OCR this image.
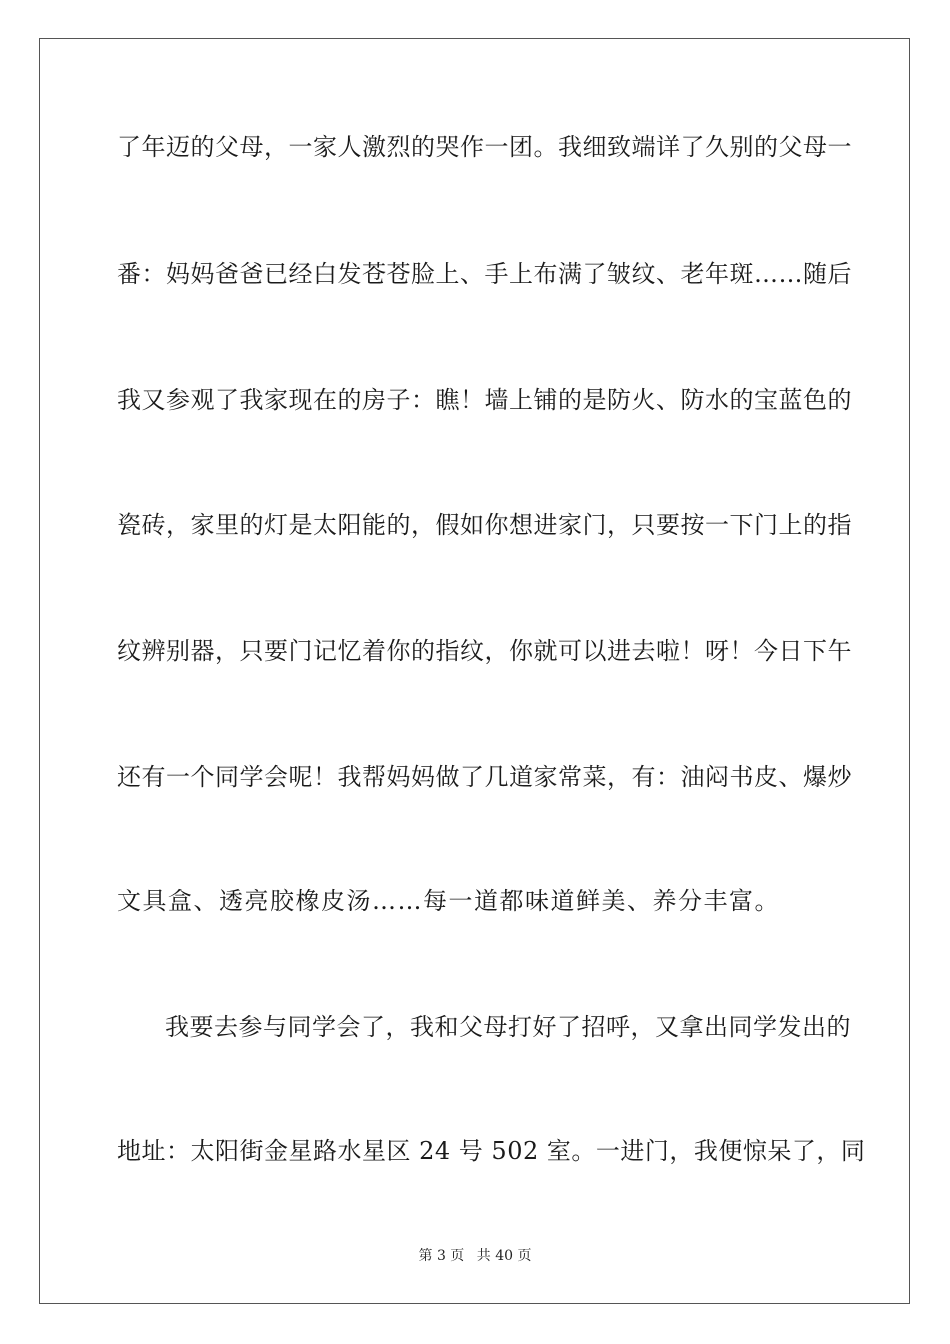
了年迈的父母，一家人激烈的哭作一团。我细致端详了久别的父母一
番：妈妈爸爸已经白发苍苍脸上、手上布满了皱纹、老年斑……随后
我又参观了我家现在的房子：瞧！墙上铺的是防火、防水的宝蓝色的
瓷砖，家里的灯是太阳能的，假如你想进家门，只要按一下门上的指
纹辨别器，只要门记忆着你的指纹，你就可以进去啦！呀！今日下午
还有一个同学会呢！我帮妈妈做了几道家常菜，有：油闷书皮、爆炒
文具盒、透亮胶橡皮汤……每一道都味道鲜美、养分丰富。
我要去参与同学会了，我和父母打好了招呼，又拿出同学发出的
地址：太阳街金星路水星区 24 号 502 室。一进门，我便惊呆了，同
第 3 页 共 40 页
